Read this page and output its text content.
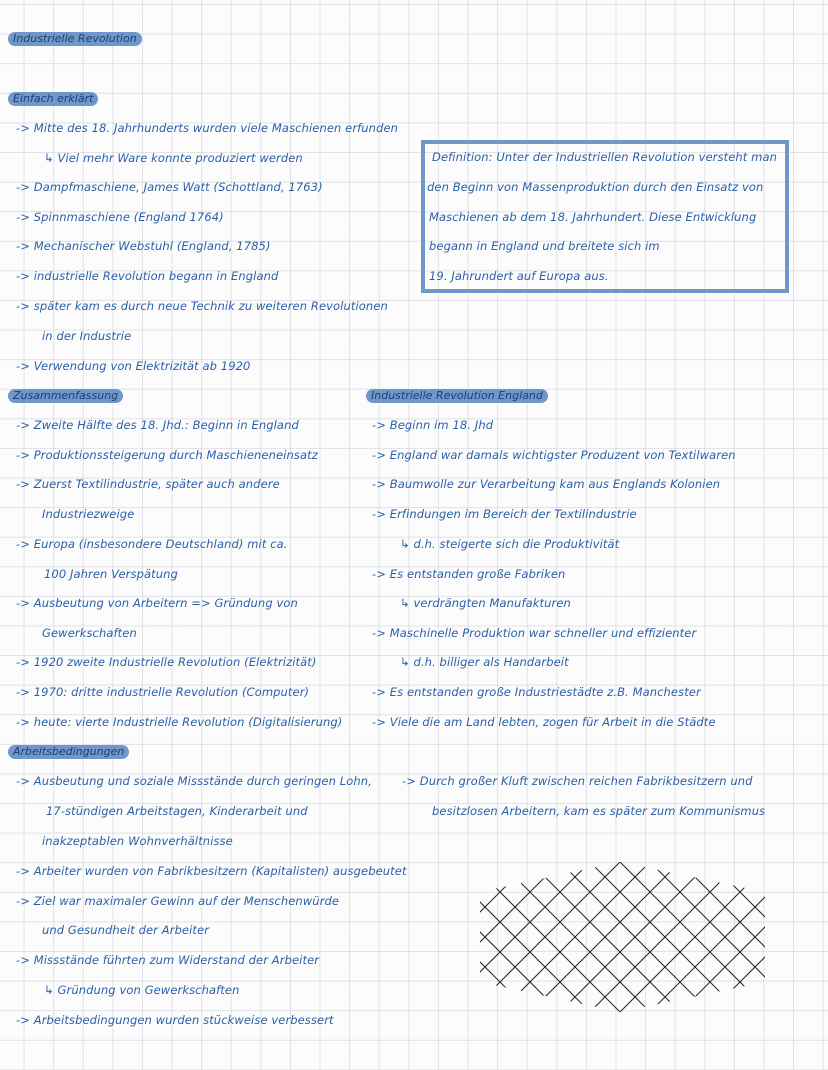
Industrielle Revolution
Einfach erklärt
-> Mitte des 18. Jahrhunderts wurden viele Maschienen erfunden
↳ Viel mehr Ware konnte produziert werden
-> Dampfmaschiene, James Watt (Schottland, 1763)
-> Spinnmaschiene (England 1764)
-> Mechanischer Webstuhl (England, 1785)
-> industrielle Revolution begann in England
-> später kam es durch neue Technik zu weiteren Revolutionen
in der Industrie
-> Verwendung von Elektrizität ab 1920
Definition: Unter der Industriellen Revolution versteht man
den Beginn von Massenproduktion durch den Einsatz von
Maschienen ab dem 18. Jahrhundert. Diese Entwicklung
begann in England und breitete sich im
19. Jahrundert auf Europa aus.
Zusammenfassung
-> Zweite Hälfte des 18. Jhd.: Beginn in England
-> Produktionssteigerung durch Maschieneneinsatz
-> Zuerst Textilindustrie, später auch andere
Industriezweige
-> Europa (insbesondere Deutschland) mit ca.
100 Jahren Verspätung
-> Ausbeutung von Arbeitern => Gründung von
Gewerkschaften
-> 1920 zweite Industrielle Revolution (Elektrizität)
-> 1970: dritte industrielle Revolution (Computer)
-> heute: vierte Industrielle Revolution (Digitalisierung)
Industrielle Revolution England
-> Beginn im 18. Jhd
-> England war damals wichtigster Produzent von Textilwaren
-> Baumwolle zur Verarbeitung kam aus Englands Kolonien
-> Erfindungen im Bereich der Textilindustrie
↳ d.h. steigerte sich die Produktivität
-> Es entstanden große Fabriken
↳ verdrängten Manufakturen
-> Maschinelle Produktion war schneller und effizienter
↳ d.h. billiger als Handarbeit
-> Es entstanden große Industriestädte z.B. Manchester
-> Viele die am Land lebten, zogen für Arbeit in die Städte
Arbeitsbedingungen
-> Ausbeutung und soziale Missstände durch geringen Lohn,
17-stündigen Arbeitstagen, Kinderarbeit und
inakzeptablen Wohnverhältnisse
-> Arbeiter wurden von Fabrikbesitzern (Kapitalisten) ausgebeutet
-> Ziel war maximaler Gewinn auf der Menschenwürde
und Gesundheit der Arbeiter
-> Missstände führten zum Widerstand der Arbeiter
↳ Gründung von Gewerkschaften
-> Arbeitsbedingungen wurden stückweise verbessert
-> Durch großer Kluft zwischen reichen Fabrikbesitzern und
besitzlosen Arbeitern, kam es später zum Kommunismus
